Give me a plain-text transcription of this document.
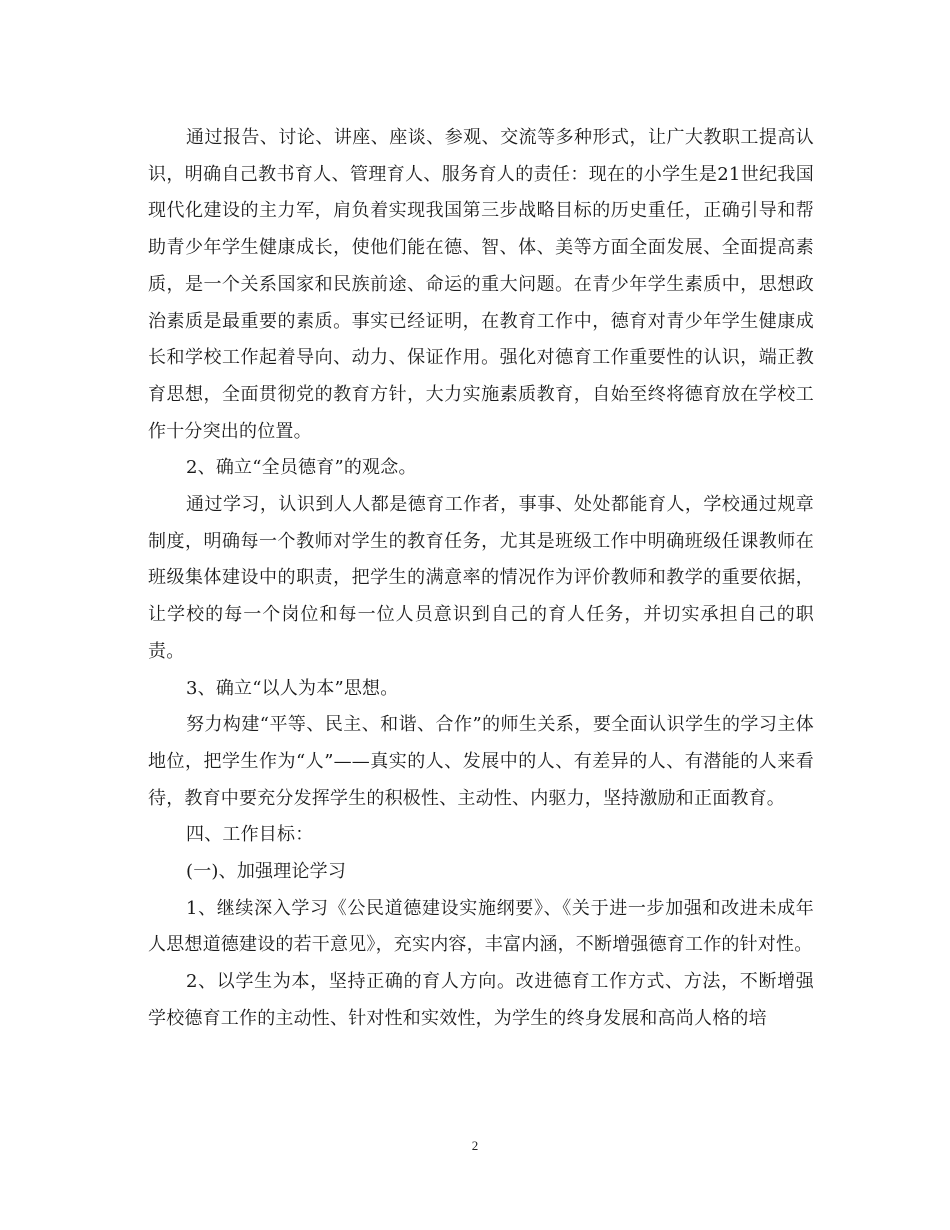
通过报告、讨论、讲座、座谈、参观、交流等多种形式，让广大教职工提高认识，明确自己教书育人、管理育人、服务育人的责任：现在的小学生是21世纪我国现代化建设的主力军，肩负着实现我国第三步战略目标的历史重任，正确引导和帮助青少年学生健康成长，使他们能在德、智、体、美等方面全面发展、全面提高素质，是一个关系国家和民族前途、命运的重大问题。在青少年学生素质中，思想政治素质是最重要的素质。事实已经证明，在教育工作中，德育对青少年学生健康成长和学校工作起着导向、动力、保证作用。强化对德育工作重要性的认识，端正教育思想，全面贯彻党的教育方针，大力实施素质教育，自始至终将德育放在学校工作十分突出的位置。

2、确立“全员德育”的观念。

通过学习，认识到人人都是德育工作者，事事、处处都能育人，学校通过规章制度，明确每一个教师对学生的教育任务，尤其是班级工作中明确班级任课教师在班级集体建设中的职责，把学生的满意率的情况作为评价教师和教学的重要依据，让学校的每一个岗位和每一位人员意识到自己的育人任务，并切实承担自己的职责。

3、确立“以人为本”思想。

努力构建“平等、民主、和谐、合作”的师生关系，要全面认识学生的学习主体地位，把学生作为“人”——真实的人、发展中的人、有差异的人、有潜能的人来看待，教育中要充分发挥学生的积极性、主动性、内驱力，坚持激励和正面教育。

四、工作目标：

(一)、加强理论学习

1、继续深入学习《公民道德建设实施纲要》、《关于进一步加强和改进未成年人思想道德建设的若干意见》，充实内容，丰富内涵，不断增强德育工作的针对性。

2、以学生为本，坚持正确的育人方向。改进德育工作方式、方法，不断增强学校德育工作的主动性、针对性和实效性，为学生的终身发展和高尚人格的培

2
